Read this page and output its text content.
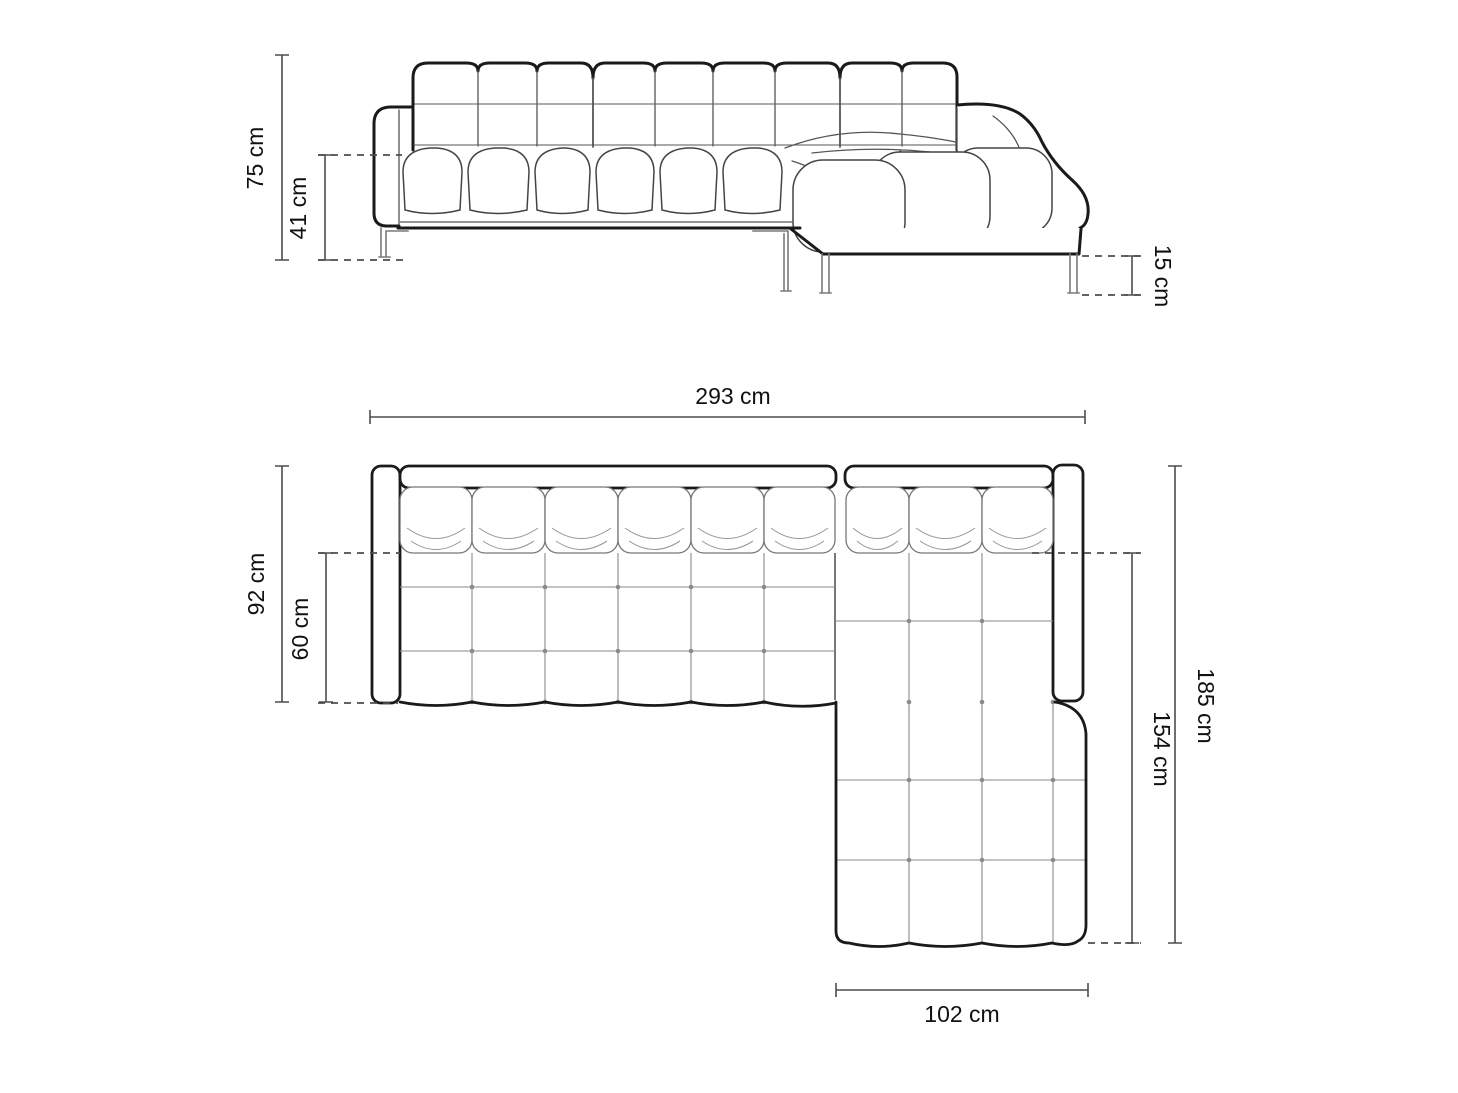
75 cm
41 cm
15 cm
293 cm
92 cm
60 cm
154 cm
185 cm
102 cm
